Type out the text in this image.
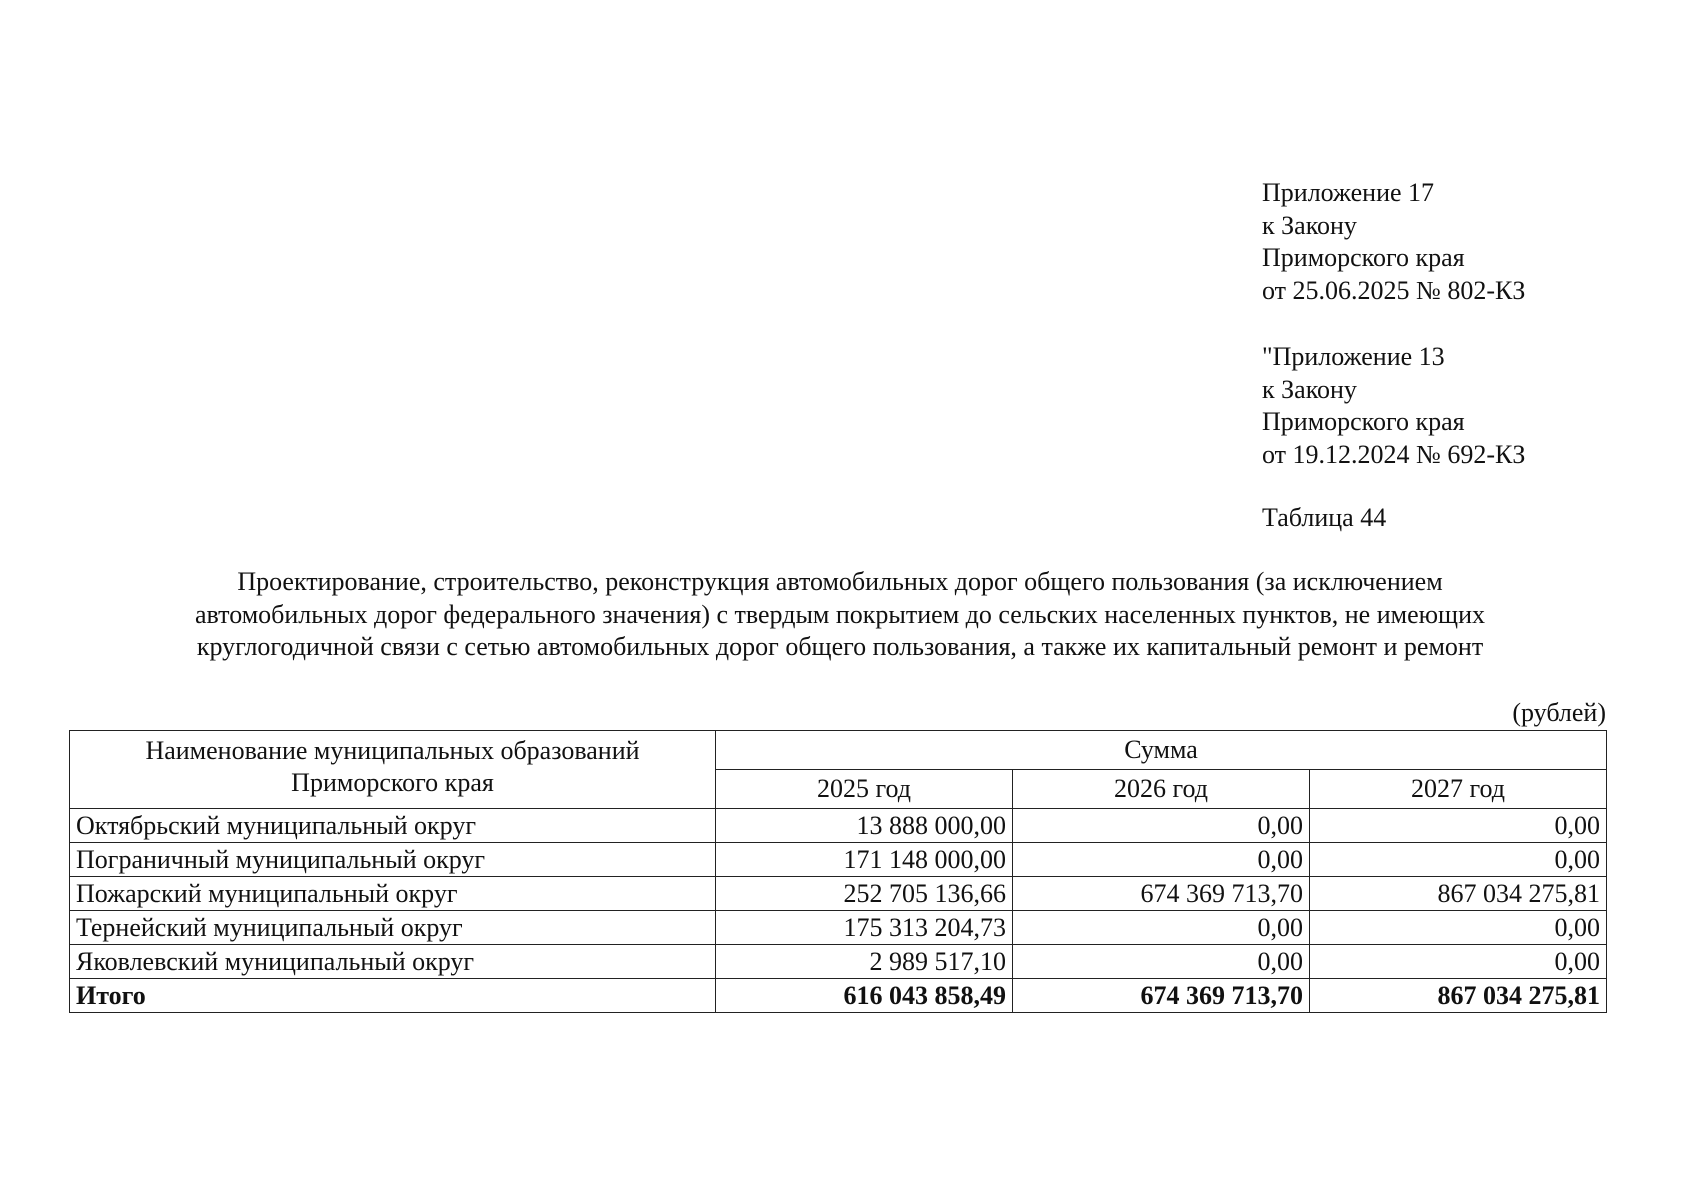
Приложение 17
к Закону
Приморского края
от 25.06.2025 № 802-КЗ
"Приложение 13
к Закону
Приморского края
от 19.12.2024 № 692-КЗ
Таблица 44
Проектирование, строительство, реконструкция автомобильных дорог общего пользования (за исключением
автомобильных дорог федерального значения) с твердым покрытием до сельских населенных пунктов, не имеющих
круглогодичной связи с сетью автомобильных дорог общего пользования, а также их капитальный ремонт и ремонт
(рублей)
Наименование муниципальных образований
Приморского края	Сумма		
	2025 год	2026 год	2027 год
Октябрьский муниципальный округ	13 888 000,00	0,00	0,00
Пограничный муниципальный округ	171 148 000,00	0,00	0,00
Пожарский муниципальный округ	252 705 136,66	674 369 713,70	867 034 275,81
Тернейский муниципальный округ	175 313 204,73	0,00	0,00
Яковлевский муниципальный округ	2 989 517,10	0,00	0,00
Итого	616 043 858,49	674 369 713,70	867 034 275,81
